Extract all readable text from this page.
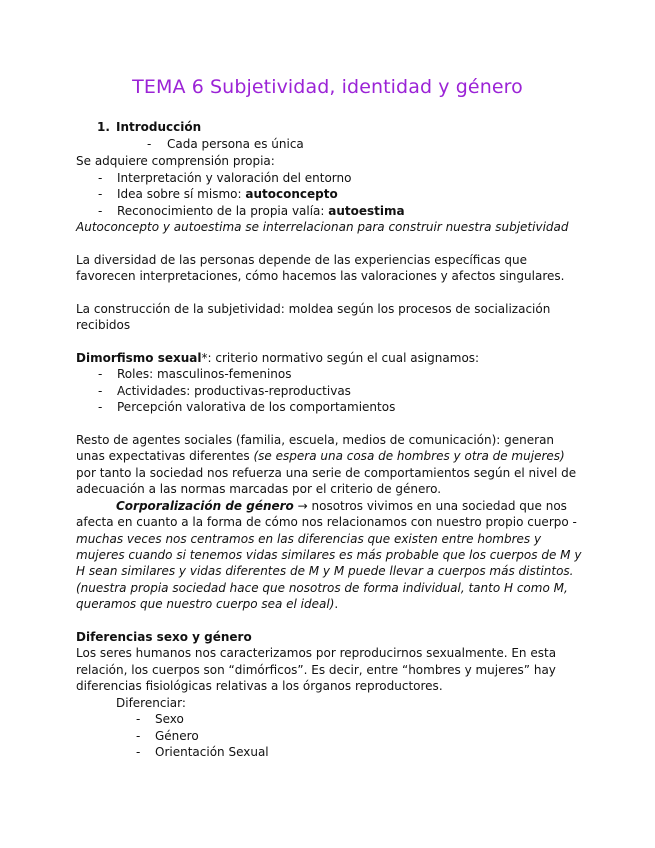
TEMA 6 Subjetividad, identidad y género
1. Introducción
- Cada persona es única
Se adquiere comprensión propia:
- Interpretación y valoración del entorno
- Idea sobre sí mismo: autoconcepto
- Reconocimiento de la propia valía: autoestima
Autoconcepto y autoestima se interrelacionan para construir nuestra subjetividad
La diversidad de las personas depende de las experiencias específicas que
favorecen interpretaciones, cómo hacemos las valoraciones y afectos singulares.
La construcción de la subjetividad: moldea según los procesos de socialización
recibidos
Dimorfismo sexual*: criterio normativo según el cual asignamos:
- Roles: masculinos-femeninos
- Actividades: productivas-reproductivas
- Percepción valorativa de los comportamientos
Resto de agentes sociales (familia, escuela, medios de comunicación): generan
unas expectativas diferentes (se espera una cosa de hombres y otra de mujeres)
por tanto la sociedad nos refuerza una serie de comportamientos según el nivel de
adecuación a las normas marcadas por el criterio de género.
Corporalización de género → nosotros vivimos en una sociedad que nos
afecta en cuanto a la forma de cómo nos relacionamos con nuestro propio cuerpo -
muchas veces nos centramos en las diferencias que existen entre hombres y
mujeres cuando si tenemos vidas similares es más probable que los cuerpos de M y
H sean similares y vidas diferentes de M y M puede llevar a cuerpos más distintos.
(nuestra propia sociedad hace que nosotros de forma individual, tanto H como M,
queramos que nuestro cuerpo sea el ideal).
Diferencias sexo y género
Los seres humanos nos caracterizamos por reproducirnos sexualmente. En esta
relación, los cuerpos son “dimórficos”. Es decir, entre “hombres y mujeres” hay
diferencias fisiológicas relativas a los órganos reproductores.
Diferenciar:
- Sexo
- Género
- Orientación Sexual
